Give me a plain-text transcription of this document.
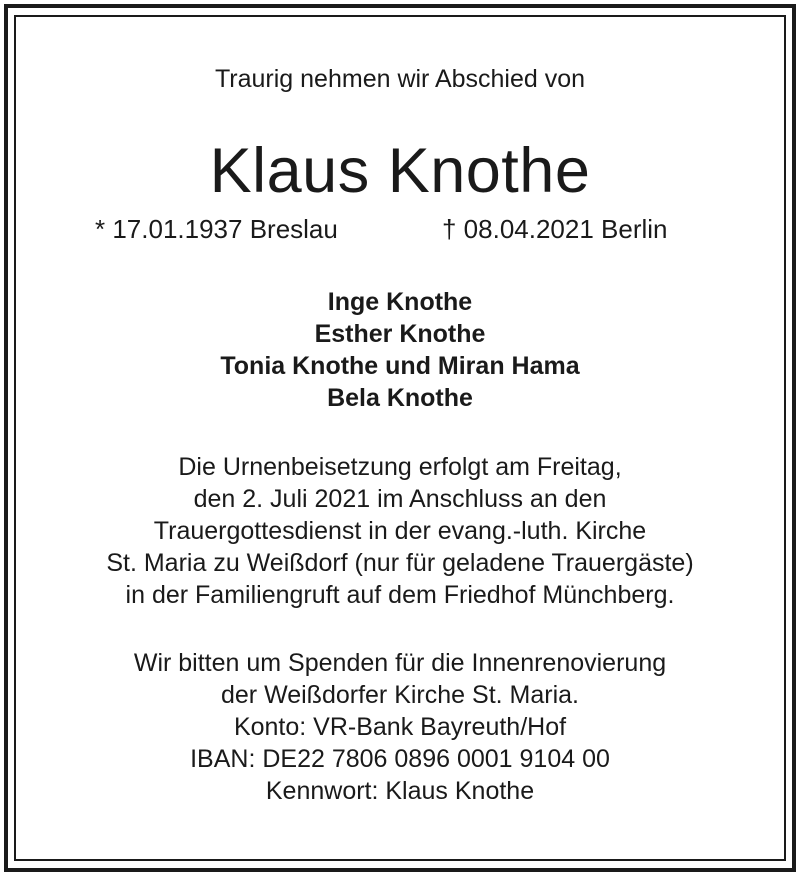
Traurig nehmen wir Abschied von
Klaus Knothe
* 17.01.1937 Breslau	† 08.04.2021 Berlin
Inge Knothe
Esther Knothe
Tonia Knothe und Miran Hama
Bela Knothe
Die Urnenbeisetzung erfolgt am Freitag,
den 2. Juli 2021 im Anschluss an den
Trauergottesdienst in der evang.-luth. Kirche
St. Maria zu Weißdorf (nur für geladene Trauergäste)
in der Familiengruft auf dem Friedhof Münchberg.
Wir bitten um Spenden für die Innenrenovierung
der Weißdorfer Kirche St. Maria.
Konto: VR-Bank Bayreuth/Hof
IBAN: DE22 7806 0896 0001 9104 00
Kennwort: Klaus Knothe
